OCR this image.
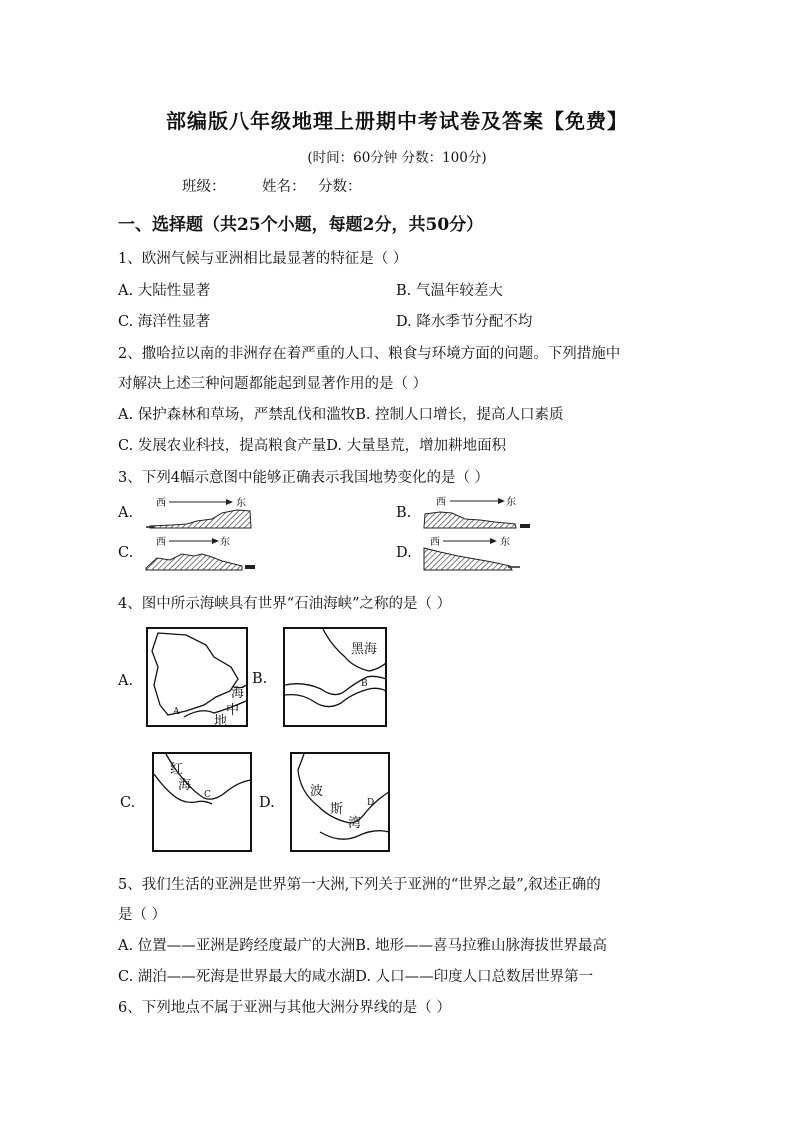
部编版八年级地理上册期中考试卷及答案【免费】
(时间：60分钟 分数：100分)
班级：	姓名： 分数：
一、选择题（共25个小题，每题2分，共50分）
1、欧洲气候与亚洲相比最显著的特征是（ ）
A. 大陆性显著	B. 气温年较差大
C. 海洋性显著	D. 降水季节分配不均
2、撒哈拉以南的非洲存在着严重的人口、粮食与环境方面的问题。下列措施中
对解决上述三种问题都能起到显著作用的是（ ）
A. 保护森林和草场，严禁乱伐和滥牧B. 控制人口增长，提高人口素质
C. 发展农业科技，提高粮食产量D. 大量垦荒，增加耕地面积
3、下列4幅示意图中能够正确表示我国地势变化的是（ ）
A.	B.
C.	D.
西	东	西	东
西	东	西	东
4、图中所示海峡具有世界“石油海峡”之称的是（ ）
A.	B.
C.	D.
海
中
地
A
黑海
B
红
海
C	波
斯
湾
D
5、我们生活的亚洲是世界第一大洲,下列关于亚洲的“世界之最”,叙述正确的
是（ ）
A. 位置——亚洲是跨经度最广的大洲B. 地形——喜马拉雅山脉海拔世界最高
C. 湖泊——死海是世界最大的咸水湖D. 人口——印度人口总数居世界第一
6、下列地点不属于亚洲与其他大洲分界线的是（ ）
